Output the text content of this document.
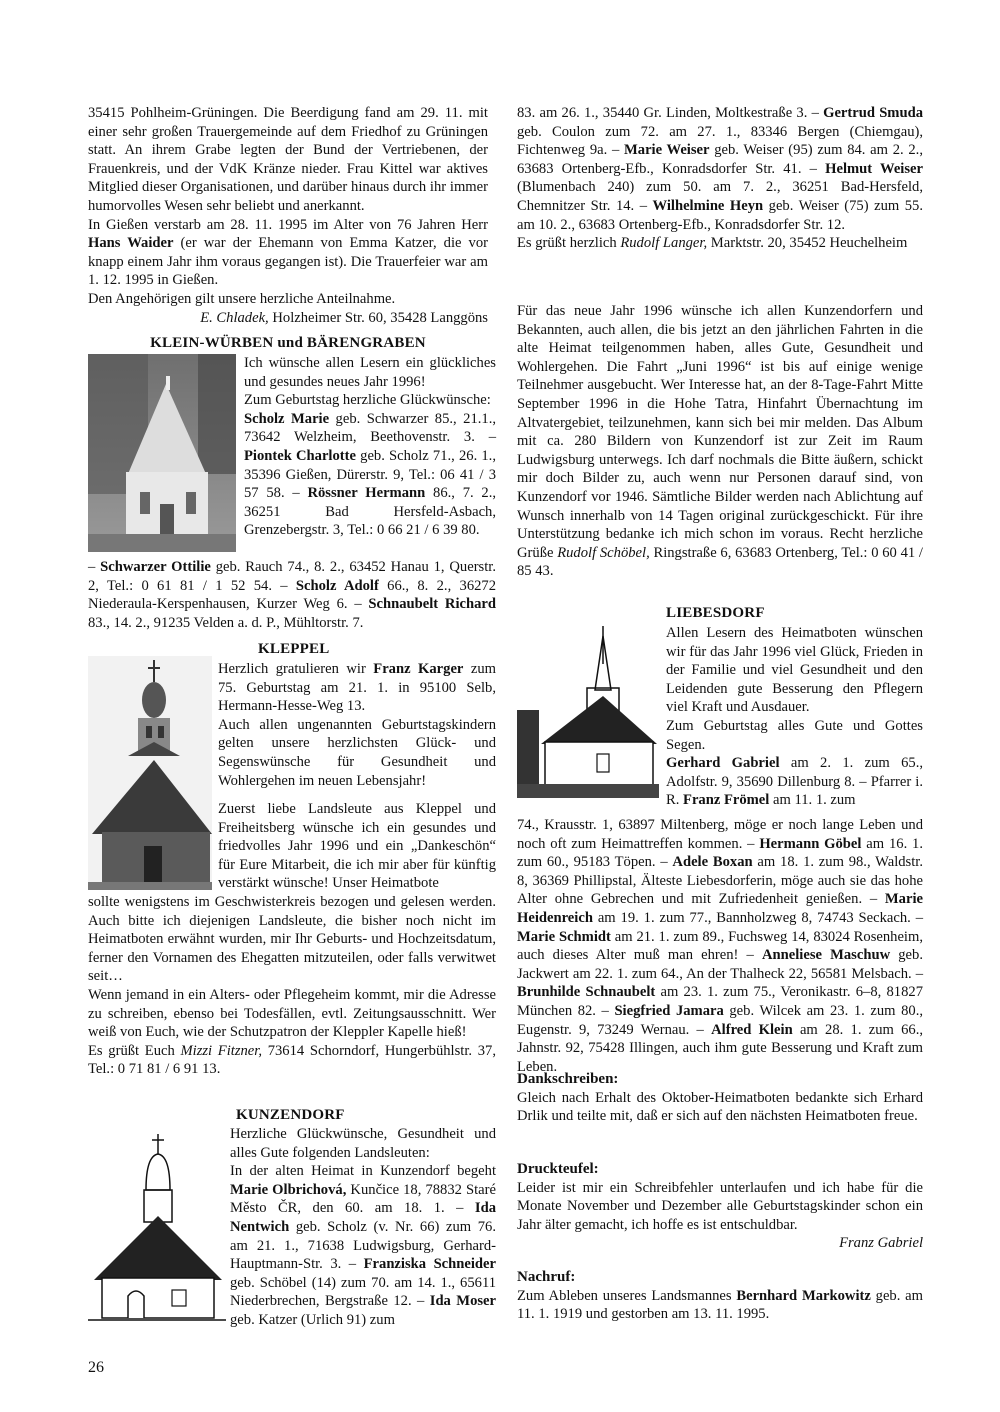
35415 Pohlheim-Grüningen. Die Beerdigung fand am 29. 11. mit einer sehr großen Trauergemeinde auf dem Friedhof zu Grüningen statt. An ihrem Grabe legten der Bund der Vertriebenen, der Frauenkreis, und der VdK Kränze nieder. Frau Kittel war aktives Mitglied dieser Organisationen, und darüber hinaus durch ihr immer humorvolles Wesen sehr beliebt und anerkannt.

In Gießen verstarb am 28. 11. 1995 im Alter von 76 Jahren Herr Hans Waider (er war der Ehemann von Emma Katzer, die vor knapp einem Jahr ihm voraus gegangen ist). Die Trauerfeier war am 1. 12. 1995 in Gießen.

Den Angehörigen gilt unsere herzliche Anteilnahme.

E. Chladek, Holzheimer Str. 60, 35428 Langgöns

KLEIN-WÜRBEN und BÄRENGRABEN

Ich wünsche allen Lesern ein glückliches und gesundes neues Jahr 1996!

Zum Geburtstag herzliche Glückwünsche:

Scholz Marie geb. Schwarzer 85., 21.1., 73642 Welzheim, Beethovenstr. 3. – Piontek Charlotte geb. Scholz 71., 26. 1., 35396 Gießen, Dürerstr. 9, Tel.: 06 41 / 3 57 58. – Rössner Hermann 86., 7. 2., 36251 Bad Hersfeld-Asbach, Grenzebergstr. 3, Tel.: 0 66 21 / 6 39 80.

– Schwarzer Ottilie geb. Rauch 74., 8. 2., 63452 Hanau 1, Querstr. 2, Tel.: 0 61 81 / 1 52 54. – Scholz Adolf 66., 8. 2., 36272 Niederaula-Kerspenhausen, Kurzer Weg 6. – Schnaubelt Richard 83., 14. 2., 91235 Velden a. d. P., Mühltorstr. 7.

KLEPPEL

Herzlich gratulieren wir Franz Karger zum 75. Geburtstag am 21. 1. in 95100 Selb, Hermann-Hesse-Weg 13.

Auch allen ungenannten Geburtstagskindern gelten unsere herzlichsten Glück- und Segenswünsche für Gesundheit und Wohlergehen im neuen Lebensjahr!

Zuerst liebe Landsleute aus Kleppel und Freiheitsberg wünsche ich ein gesundes und friedvolles Jahr 1996 und ein „Dankeschön“ für Eure Mitarbeit, die ich mir aber für künftig verstärkt wünsche! Unser Heimatbote

sollte wenigstens im Geschwisterkreis bezogen und gelesen werden. Auch bitte ich diejenigen Landsleute, die bisher noch nicht im Heimatboten erwähnt wurden, mir Ihr Geburts- und Hochzeitsdatum, ferner den Vornamen des Ehegatten mitzuteilen, oder falls verwitwet seit…

Wenn jemand in ein Alters- oder Pflegeheim kommt, mir die Adresse zu schreiben, ebenso bei Todesfällen, evtl. Zeitungsausschnitt. Wer weiß von Euch, wie der Schutzpatron der Kleppler Kapelle hieß!

Es grüßt Euch Mizzi Fitzner, 73614 Schorndorf, Hungerbühlstr. 37, Tel.: 0 71 81 / 6 91 13.

KUNZENDORF

Herzliche Glückwünsche, Gesundheit und alles Gute folgenden Landsleuten:

In der alten Heimat in Kunzendorf begeht Marie Olbrichová, Kunčice 18, 78832 Staré Město ČR, den 60. am 18. 1. – Ida Nentwich geb. Scholz (v. Nr. 66) zum 76. am 21. 1., 71638 Ludwigsburg, Gerhard-Hauptmann-Str. 3. – Franziska Schneider geb. Schöbel (14) zum 70. am 14. 1., 65611 Niederbrechen, Bergstraße 12. – Ida Moser geb. Katzer (Urlich 91) zum

26

83. am 26. 1., 35440 Gr. Linden, Moltkestraße 3. – Gertrud Smuda geb. Coulon zum 72. am 27. 1., 83346 Bergen (Chiemgau), Fichtenweg 9a. – Marie Weiser geb. Weiser (95) zum 84. am 2. 2., 63683 Ortenberg-Efb., Konradsdorfer Str. 41. – Helmut Weiser (Blumenbach 240) zum 50. am 7. 2., 36251 Bad-Hersfeld, Chemnitzer Str. 14. – Wilhelmine Heyn geb. Weiser (75) zum 55. am 10. 2., 63683 Ortenberg-Efb., Konradsdorfer Str. 12.

Es grüßt herzlich Rudolf Langer, Marktstr. 20, 35452 Heuchelheim

Für das neue Jahr 1996 wünsche ich allen Kunzendorfern und Bekannten, auch allen, die bis jetzt an den jährlichen Fahrten in die alte Heimat teilgenommen haben, alles Gute, Gesundheit und Wohlergehen. Die Fahrt „Juni 1996“ ist bis auf einige wenige Teilnehmer ausgebucht. Wer Interesse hat, an der 8-Tage-Fahrt Mitte September 1996 in die Hohe Tatra, Hinfahrt Übernachtung im Altvatergebiet, teilzunehmen, kann sich bei mir melden. Das Album mit ca. 280 Bildern von Kunzendorf ist zur Zeit im Raum Ludwigsburg unterwegs. Ich darf nochmals die Bitte äußern, schickt mir doch Bilder zu, auch wenn nur Personen darauf sind, von Kunzendorf vor 1946. Sämtliche Bilder werden nach Ablichtung auf Wunsch innerhalb von 14 Tagen original zurückgeschickt. Für ihre Unterstützung bedanke ich mich schon im voraus. Recht herzliche Grüße Rudolf Schöbel, Ringstraße 6, 63683 Ortenberg, Tel.: 0 60 41 / 85 43.

LIEBESDORF

Allen Lesern des Heimatboten wünschen wir für das Jahr 1996 viel Glück, Frieden in der Familie und viel Gesundheit und den Leidenden gute Besserung den Pflegern viel Kraft und Ausdauer.

Zum Geburtstag alles Gute und Gottes Segen.

Gerhard Gabriel am 2. 1. zum 65., Adolfstr. 9, 35690 Dillenburg 8. – Pfarrer i. R. Franz Frömel am 11. 1. zum

74., Krausstr. 1, 63897 Miltenberg, möge er noch lange Leben und noch oft zum Heimattreffen kommen. – Hermann Göbel am 16. 1. zum 60., 95183 Töpen. – Adele Boxan am 18. 1. zum 98., Waldstr. 8, 36369 Phillipstal, Älteste Liebesdorferin, möge auch sie das hohe Alter ohne Gebrechen und mit Zufriedenheit genießen. – Marie Heidenreich am 19. 1. zum 77., Bannholzweg 8, 74743 Seckach. – Marie Schmidt am 21. 1. zum 89., Fuchsweg 14, 83024 Rosenheim, auch dieses Alter muß man ehren! – Anneliese Maschuw geb. Jackwert am 22. 1. zum 64., An der Thalheck 22, 56581 Melsbach. – Brunhilde Schnaubelt am 23. 1. zum 75., Veronikastr. 6–8, 81827 München 82. – Siegfried Jamara geb. Wilcek am 23. 1. zum 80., Eugenstr. 9, 73249 Wernau. – Alfred Klein am 28. 1. zum 66., Jahnstr. 92, 75428 Illingen, auch ihm gute Besserung und Kraft zum Leben.

Dankschreiben:

Gleich nach Erhalt des Oktober-Heimatboten bedankte sich Erhard Drlik und teilte mit, daß er sich auf den nächsten Heimatboten freue.

Druckteufel:

Leider ist mir ein Schreibfehler unterlaufen und ich habe für die Monate November und Dezember alle Geburtstagskinder schon ein Jahr älter gemacht, ich hoffe es ist entschuldbar.

Franz Gabriel

Nachruf:

Zum Ableben unseres Landsmannes Bernhard Markowitz geb. am 11. 1. 1919 und gestorben am 13. 11. 1995.
